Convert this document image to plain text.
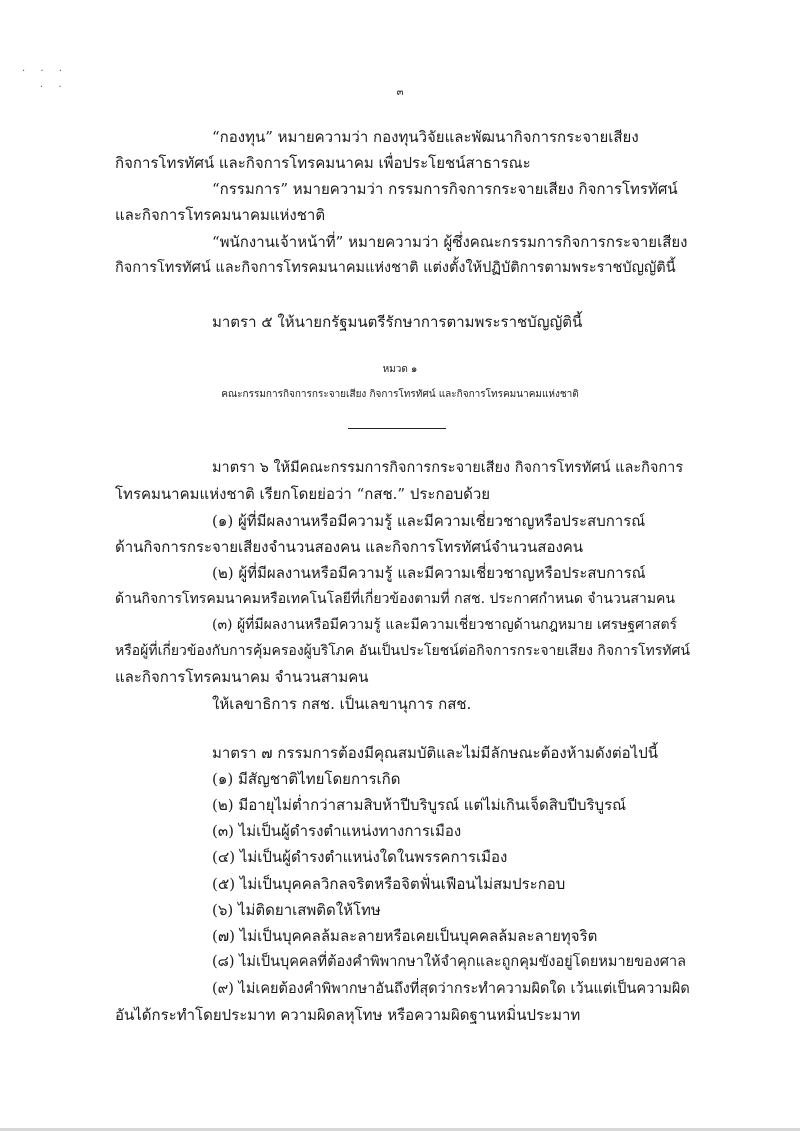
· · ·
· ·	๓
“กองทุน” หมายความว่า กองทุนวิจัยและพัฒนากิจการกระจายเสียง
กิจการโทรทัศน์ และกิจการโทรคมนาคม เพื่อประโยชน์สาธารณะ
“กรรมการ” หมายความว่า กรรมการกิจการกระจายเสียง กิจการโทรทัศน์
และกิจการโทรคมนาคมแห่งชาติ
“พนักงานเจ้าหน้าที่” หมายความว่า ผู้ซึ่งคณะกรรมการกิจการกระจายเสียง
กิจการโทรทัศน์ และกิจการโทรคมนาคมแห่งชาติ แต่งตั้งให้ปฏิบัติการตามพระราชบัญญัตินี้
มาตรา ๕ ให้นายกรัฐมนตรีรักษาการตามพระราชบัญญัตินี้
หมวด ๑
คณะกรรมการกิจการกระจายเสียง กิจการโทรทัศน์ และกิจการโทรคมนาคมแห่งชาติ
มาตรา ๖ ให้มีคณะกรรมการกิจการกระจายเสียง กิจการโทรทัศน์ และกิจการ
โทรคมนาคมแห่งชาติ เรียกโดยย่อว่า “กสช.” ประกอบด้วย
(๑) ผู้ที่มีผลงานหรือมีความรู้ และมีความเชี่ยวชาญหรือประสบการณ์
ด้านกิจการกระจายเสียงจำนวนสองคน และกิจการโทรทัศน์จำนวนสองคน
(๒) ผู้ที่มีผลงานหรือมีความรู้ และมีความเชี่ยวชาญหรือประสบการณ์
ด้านกิจการโทรคมนาคมหรือเทคโนโลยีที่เกี่ยวข้องตามที่ กสช. ประกาศกำหนด จำนวนสามคน
(๓) ผู้ที่มีผลงานหรือมีความรู้ และมีความเชี่ยวชาญด้านกฎหมาย เศรษฐศาสตร์
หรือผู้ที่เกี่ยวข้องกับการคุ้มครองผู้บริโภค อันเป็นประโยชน์ต่อกิจการกระจายเสียง กิจการโทรทัศน์
และกิจการโทรคมนาคม จำนวนสามคน
ให้เลขาธิการ กสช. เป็นเลขานุการ กสช.
มาตรา ๗ กรรมการต้องมีคุณสมบัติและไม่มีลักษณะต้องห้ามดังต่อไปนี้
(๑) มีสัญชาติไทยโดยการเกิด
(๒) มีอายุไม่ต่ำกว่าสามสิบห้าปีบริบูรณ์ แต่ไม่เกินเจ็ดสิบปีบริบูรณ์
(๓) ไม่เป็นผู้ดำรงตำแหน่งทางการเมือง
(๔) ไม่เป็นผู้ดำรงตำแหน่งใดในพรรคการเมือง
(๕) ไม่เป็นบุคคลวิกลจริตหรือจิตฟั่นเฟือนไม่สมประกอบ
(๖) ไม่ติดยาเสพติดให้โทษ
(๗) ไม่เป็นบุคคลล้มละลายหรือเคยเป็นบุคคลล้มละลายทุจริต
(๘) ไม่เป็นบุคคลที่ต้องคำพิพากษาให้จำคุกและถูกคุมขังอยู่โดยหมายของศาล
(๙) ไม่เคยต้องคำพิพากษาอันถึงที่สุดว่ากระทำความผิดใด เว้นแต่เป็นความผิด
อันได้กระทำโดยประมาท ความผิดลหุโทษ หรือความผิดฐานหมิ่นประมาท
